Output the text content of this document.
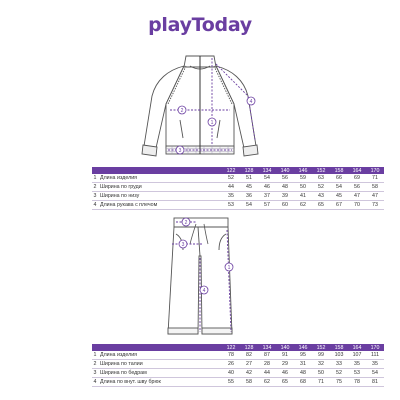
playToday
1
2
3
4
1
2
3
4
		122	128	134	140	146	152	158	164	170
1	Длина изделия	52	51	54	56	59	63	66	69	71
2	Ширина по груди	44	45	46	48	50	52	54	56	58
3	Ширина по низу	35	36	37	39	41	43	45	47	47
4	Длина рукава с плечом	53	54	57	60	62	65	67	70	73
		122	128	134	140	146	152	158	164	170
1	Длина изделия	78	82	87	91	95	99	103	107	111
2	Ширина по талии	26	27	28	29	31	32	33	35	35
3	Ширина по бедрам	40	42	44	46	48	50	52	53	54
4	Длина по внут. шву брюк	55	58	62	65	68	71	75	78	81
